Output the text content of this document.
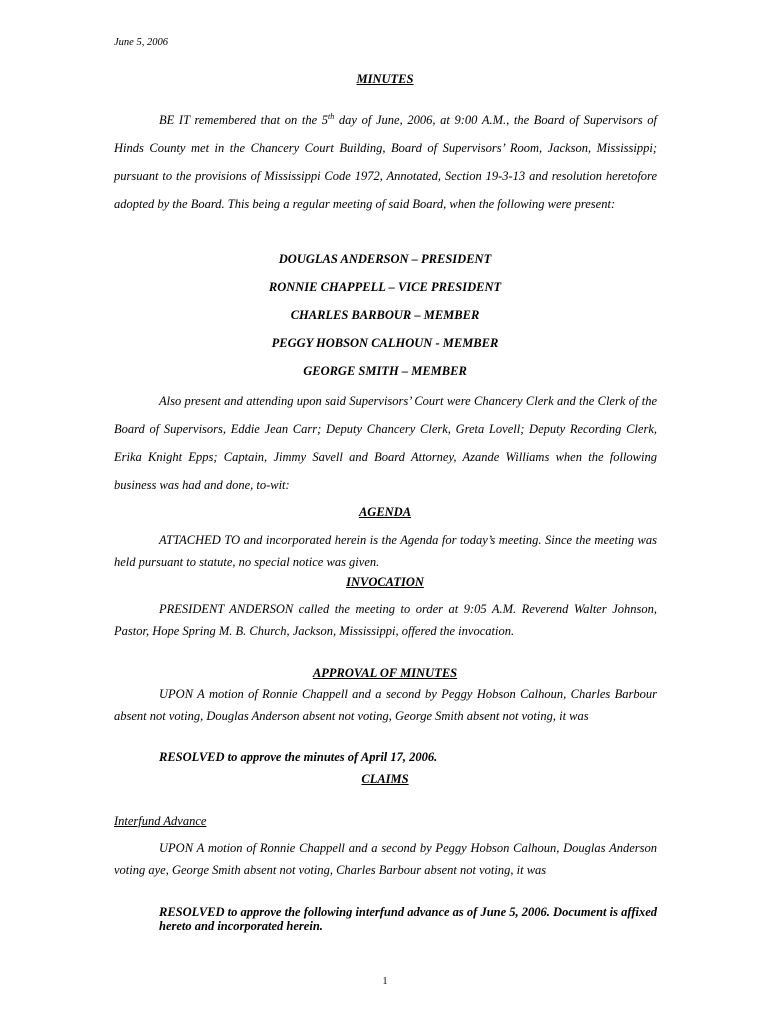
June 5, 2006
MINUTES
BE IT remembered that on the 5th day of June, 2006, at 9:00 A.M., the Board of Supervisors of Hinds County met in the Chancery Court Building, Board of Supervisors’ Room, Jackson, Mississippi; pursuant to the provisions of Mississippi Code 1972, Annotated, Section 19-3-13 and resolution heretofore adopted by the Board. This being a regular meeting of said Board, when the following were present:
DOUGLAS ANDERSON – PRESIDENT
RONNIE CHAPPELL – VICE PRESIDENT
CHARLES BARBOUR – MEMBER
PEGGY HOBSON CALHOUN - MEMBER
GEORGE SMITH – MEMBER
Also present and attending upon said Supervisors’ Court were Chancery Clerk and the Clerk of the Board of Supervisors, Eddie Jean Carr; Deputy Chancery Clerk, Greta Lovell; Deputy Recording Clerk, Erika Knight Epps; Captain, Jimmy Savell and Board Attorney, Azande Williams when the following business was had and done, to-wit:
AGENDA
ATTACHED TO and incorporated herein is the Agenda for today’s meeting. Since the meeting was held pursuant to statute, no special notice was given.
INVOCATION
PRESIDENT ANDERSON called the meeting to order at 9:05 A.M. Reverend Walter Johnson, Pastor, Hope Spring M. B. Church, Jackson, Mississippi, offered the invocation.
APPROVAL OF MINUTES
UPON A motion of Ronnie Chappell and a second by Peggy Hobson Calhoun, Charles Barbour absent not voting, Douglas Anderson absent not voting, George Smith absent not voting, it was
RESOLVED to approve the minutes of April 17, 2006.
CLAIMS
Interfund Advance
UPON A motion of Ronnie Chappell and a second by Peggy Hobson Calhoun, Douglas Anderson voting aye, George Smith absent not voting, Charles Barbour absent not voting, it was
RESOLVED to approve the following interfund advance as of June 5, 2006. Document is affixed hereto and incorporated herein.
1
